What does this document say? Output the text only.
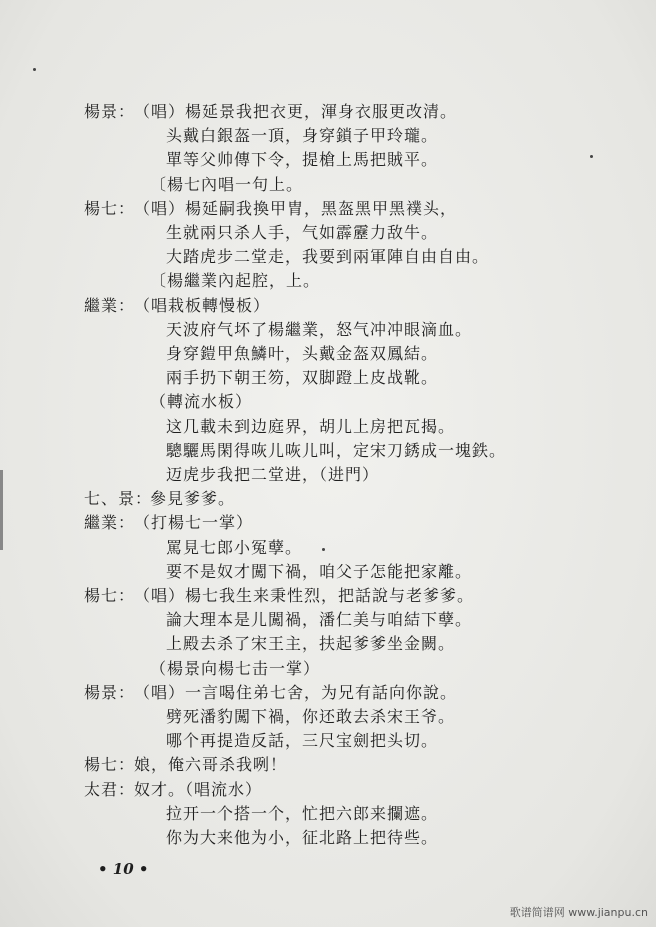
楊景：
（唱）楊延景我把衣更，渾身衣服更改清。
头戴白銀盔一頂，身穿鎖子甲玲瓏。
單等父帅傳下令，提槍上馬把賊平。
〔楊七內唱一句上。
楊七：
（唱）楊延嗣我換甲胄，黑盔黑甲黑襆头，
生就兩只杀人手，气如霹靂力敌牛。
大踏虎步二堂走，我要到兩軍陣自由自由。
〔楊繼業內起腔，上。
繼業：
（唱栽板轉慢板）
天波府气坏了楊繼業，怒气冲冲眼滴血。
身穿鎧甲魚鱗叶，头戴金盔双鳳結。
兩手扔下朝王笏，双脚蹬上皮战靴。
（轉流水板）
这几載未到边庭界，胡儿上房把瓦揭。
驄驪馬閑得咴儿咴儿叫，定宋刀銹成一塊鉄。
迈虎步我把二堂进，（进門）
七、景：
參見爹爹。
繼業：
（打楊七一掌）
罵見七郎小冤孽。
要不是奴才闖下禍，咱父子怎能把家離。
楊七：
（唱）楊七我生来秉性烈，把話說与老爹爹。
論大理本是儿闖禍，潘仁美与咱結下孽。
上殿去杀了宋王主，扶起爹爹坐金闕。
（楊景向楊七击一掌）
楊景：
（唱）一言喝住弟七舍，为兄有話向你說。
劈死潘豹闖下禍，你还敢去杀宋王爷。
哪个再提造反話，三尺宝劍把头切。
楊七：
娘，俺六哥杀我咧！
太君：
奴才。（唱流水）
拉开一个搭一个，忙把六郎来攔遮。
你为大来他为小，征北路上把待些。
• 10 •
歌谱简谱网 www.jianpu.cn
